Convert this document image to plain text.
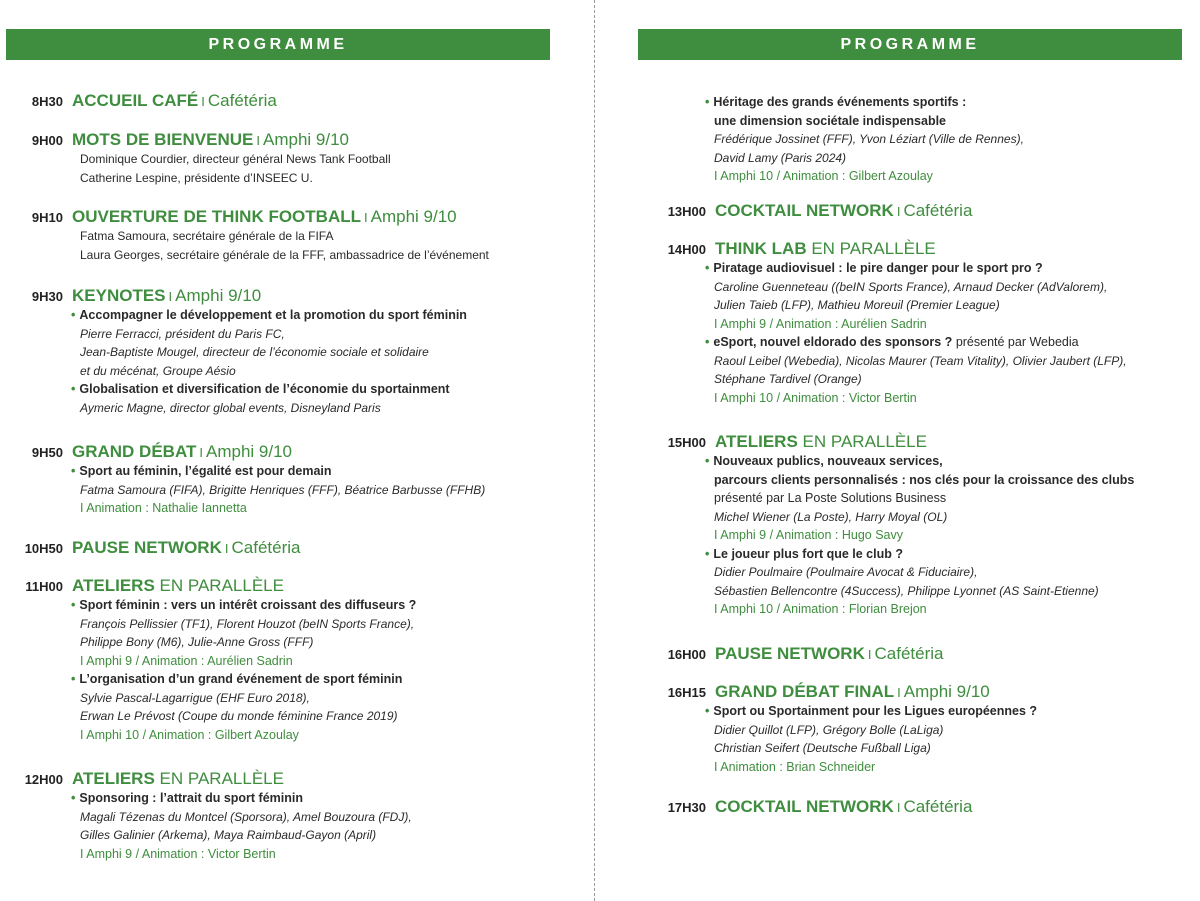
PROGRAMME
8H30 ACCUEIL CAFÉ I Cafétéria
9H00 MOTS DE BIENVENUE I Amphi 9/10
Dominique Courdier, directeur général News Tank Football
Catherine Lespine, présidente d’INSEEC U.
9H10 OUVERTURE DE THINK FOOTBALL I Amphi 9/10
Fatma Samoura, secrétaire générale de la FIFA
Laura Georges, secrétaire générale de la FFF, ambassadrice de l’événement
9H30 KEYNOTES I Amphi 9/10
• Accompagner le développement et la promotion du sport féminin
Pierre Ferracci, président du Paris FC,
Jean-Baptiste Mougel, directeur de l’économie sociale et solidaire
et du mécénat, Groupe Aésio
• Globalisation et diversification de l’économie du sportainment
Aymeric Magne, director global events, Disneyland Paris
9H50 GRAND DÉBAT I Amphi 9/10
• Sport au féminin, l’égalité est pour demain
Fatma Samoura (FIFA), Brigitte Henriques (FFF), Béatrice Barbusse (FFHB)
I Animation : Nathalie Iannetta
10H50 PAUSE NETWORK I Cafétéria
11H00 ATELIERS EN PARALLÈLE
• Sport féminin : vers un intérêt croissant des diffuseurs ?
François Pellissier (TF1), Florent Houzot (beIN Sports France),
Philippe Bony (M6), Julie-Anne Gross (FFF)
I Amphi 9 / Animation : Aurélien Sadrin
• L’organisation d’un grand événement de sport féminin
Sylvie Pascal-Lagarrigue (EHF Euro 2018),
Erwan Le Prévost (Coupe du monde féminine France 2019)
I Amphi 10 / Animation : Gilbert Azoulay
12H00 ATELIERS EN PARALLÈLE
• Sponsoring : l’attrait du sport féminin
Magali Tézenas du Montcel (Sporsora), Amel Bouzoura (FDJ),
Gilles Galinier (Arkema), Maya Raimbaud-Gayon (April)
I Amphi 9 / Animation : Victor Bertin
PROGRAMME
• Héritage des grands événements sportifs :
une dimension sociétale indispensable
Frédérique Jossinet (FFF), Yvon Léziart (Ville de Rennes),
David Lamy (Paris 2024)
I Amphi 10 / Animation : Gilbert Azoulay
13H00 COCKTAIL NETWORK I Cafétéria
14H00 THINK LAB EN PARALLÈLE
• Piratage audiovisuel : le pire danger pour le sport pro ?
Caroline Guenneteau ((beIN Sports France), Arnaud Decker (AdValorem),
Julien Taieb (LFP), Mathieu Moreuil (Premier League)
I Amphi 9 / Animation : Aurélien Sadrin
• eSport, nouvel eldorado des sponsors ? présenté par Webedia
Raoul Leibel (Webedia), Nicolas Maurer (Team Vitality), Olivier Jaubert (LFP),
Stéphane Tardivel (Orange)
I Amphi 10 / Animation : Victor Bertin
15H00 ATELIERS EN PARALLÈLE
• Nouveaux publics, nouveaux services,
parcours clients personnalisés : nos clés pour la croissance des clubs
présenté par La Poste Solutions Business
Michel Wiener (La Poste), Harry Moyal (OL)
I Amphi 9 / Animation : Hugo Savy
• Le joueur plus fort que le club ?
Didier Poulmaire (Poulmaire Avocat & Fiduciaire),
Sébastien Bellencontre (4Success), Philippe Lyonnet (AS Saint-Etienne)
I Amphi 10 / Animation : Florian Brejon
16H00 PAUSE NETWORK I Cafétéria
16H15 GRAND DÉBAT FINAL I Amphi 9/10
• Sport ou Sportainment pour les Ligues européennes ?
Didier Quillot (LFP), Grégory Bolle (LaLiga)
Christian Seifert (Deutsche Fußball Liga)
I Animation : Brian Schneider
17H30 COCKTAIL NETWORK I Cafétéria
